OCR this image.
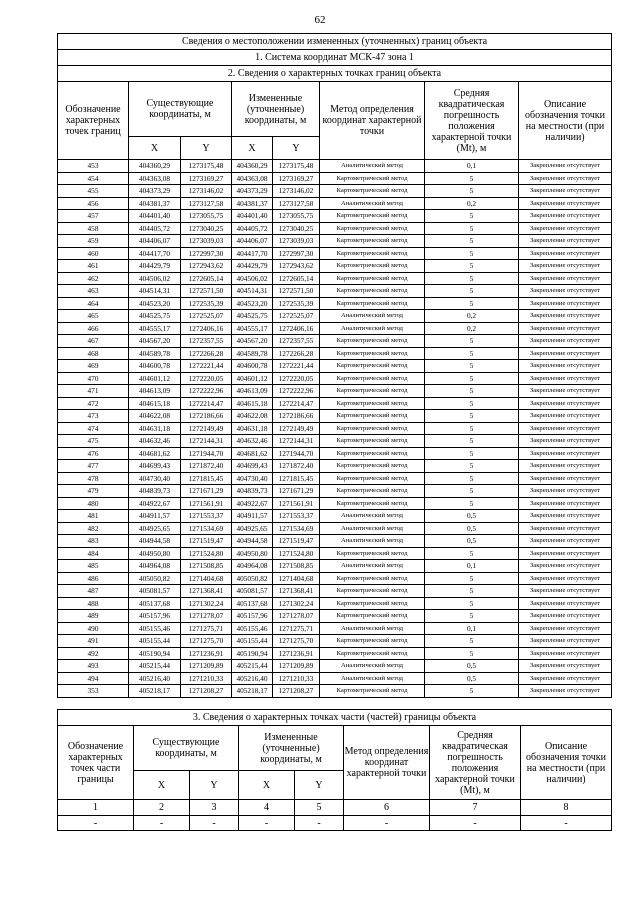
62
Сведения о местоположении измененных (уточненных) границ объекта							
1. Система координат МСК-47 зона 1							
2. Сведения о характерных точках границ объекта							
Обозначение характерных точек границ	Существующие координаты, м		Измененные (уточненные) координаты, м		Метод определения координат характерной точки	Средняя квадратическая погрешность положения характерной точки (Mt), м	Описание обозначения точки на местности (при наличии)
	X	Y	X	Y			
453	404360,29	1273175,48	404360,29	1273175,48	Аналитический метод	0,1	Закрепление отсутствует
454	404363,08	1273169,27	404363,08	1273169,27	Картометрический метод	5	Закрепление отсутствует
455	404373,29	1273146,02	404373,29	1273146,02	Картометрический метод	5	Закрепление отсутствует
456	404381,37	1273127,58	404381,37	1273127,58	Аналитический метод	0,2	Закрепление отсутствует
457	404401,40	1273055,75	404401,40	1273055,75	Картометрический метод	5	Закрепление отсутствует
458	404405,72	1273040,25	404405,72	1273040,25	Картометрический метод	5	Закрепление отсутствует
459	404406,07	1273039,03	404406,07	1273039,03	Картометрический метод	5	Закрепление отсутствует
460	404417,70	1272997,30	404417,70	1272997,30	Картометрический метод	5	Закрепление отсутствует
461	404429,79	1272943,62	404429,79	1272943,62	Картометрический метод	5	Закрепление отсутствует
462	404506,02	1272605,14	404506,02	1272605,14	Картометрический метод	5	Закрепление отсутствует
463	404514,31	1272571,50	404514,31	1272571,50	Картометрический метод	5	Закрепление отсутствует
464	404523,20	1272535,39	404523,20	1272535,39	Картометрический метод	5	Закрепление отсутствует
465	404525,75	1272525,07	404525,75	1272525,07	Аналитический метод	0,2	Закрепление отсутствует
466	404555,17	1272406,16	404555,17	1272406,16	Аналитический метод	0,2	Закрепление отсутствует
467	404567,20	1272357,55	404567,20	1272357,55	Картометрический метод	5	Закрепление отсутствует
468	404589,78	1272266,28	404589,78	1272266,28	Картометрический метод	5	Закрепление отсутствует
469	404600,78	1272221,44	404600,78	1272221,44	Картометрический метод	5	Закрепление отсутствует
470	404601,12	1272220,05	404601,12	1272220,05	Картометрический метод	5	Закрепление отсутствует
471	404613,09	1272222,96	404613,09	1272222,96	Картометрический метод	5	Закрепление отсутствует
472	404615,18	1272214,47	404615,18	1272214,47	Картометрический метод	5	Закрепление отсутствует
473	404622,08	1272186,66	404622,08	1272186,66	Картометрический метод	5	Закрепление отсутствует
474	404631,18	1272149,49	404631,18	1272149,49	Картометрический метод	5	Закрепление отсутствует
475	404632,46	1272144,31	404632,46	1272144,31	Картометрический метод	5	Закрепление отсутствует
476	404681,62	1271944,70	404681,62	1271944,70	Картометрический метод	5	Закрепление отсутствует
477	404699,43	1271872,40	404699,43	1271872,40	Картометрический метод	5	Закрепление отсутствует
478	404730,40	1271815,45	404730,40	1271815,45	Картометрический метод	5	Закрепление отсутствует
479	404839,73	1271671,29	404839,73	1271671,29	Картометрический метод	5	Закрепление отсутствует
480	404922,67	1271561,91	404922,67	1271561,91	Картометрический метод	5	Закрепление отсутствует
481	404911,57	1271553,37	404911,57	1271553,37	Аналитический метод	0,5	Закрепление отсутствует
482	404925,65	1271534,69	404925,65	1271534,69	Аналитический метод	0,5	Закрепление отсутствует
483	404944,58	1271519,47	404944,58	1271519,47	Аналитический метод	0,5	Закрепление отсутствует
484	404950,80	1271524,80	404950,80	1271524,80	Картометрический метод	5	Закрепление отсутствует
485	404964,08	1271508,85	404964,08	1271508,85	Аналитический метод	0,1	Закрепление отсутствует
486	405050,82	1271404,68	405050,82	1271404,68	Картометрический метод	5	Закрепление отсутствует
487	405081,57	1271368,41	405081,57	1271368,41	Картометрический метод	5	Закрепление отсутствует
488	405137,68	1271302,24	405137,68	1271302,24	Картометрический метод	5	Закрепление отсутствует
489	405157,96	1271278,07	405157,96	1271278,07	Картометрический метод	5	Закрепление отсутствует
490	405155,46	1271275,71	405155,46	1271275,71	Аналитический метод	0,1	Закрепление отсутствует
491	405155,44	1271275,70	405155,44	1271275,70	Картометрический метод	5	Закрепление отсутствует
492	405190,94	1271236,91	405190,94	1271236,91	Картометрический метод	5	Закрепление отсутствует
493	405215,44	1271209,89	405215,44	1271209,89	Аналитический метод	0,5	Закрепление отсутствует
494	405216,40	1271210,33	405216,40	1271210,33	Аналитический метод	0,5	Закрепление отсутствует
353	405218,17	1271208,27	405218,17	1271208,27	Картометрический метод	5	Закрепление отсутствует
3. Сведения о характерных точках части (частей) границы объекта							
Обозначение характерных точек части границы	Существующие координаты, м		Измененные (уточненные) координаты, м		Метод определения координат характерной точки	Средняя квадратическая погрешность положения характерной точки (Mt), м	Описание обозначения точки на местности (при наличии)
	X	Y	X	Y			
1	2	3	4	5	6	7	8
-	-	-	-	-	-	-	-
